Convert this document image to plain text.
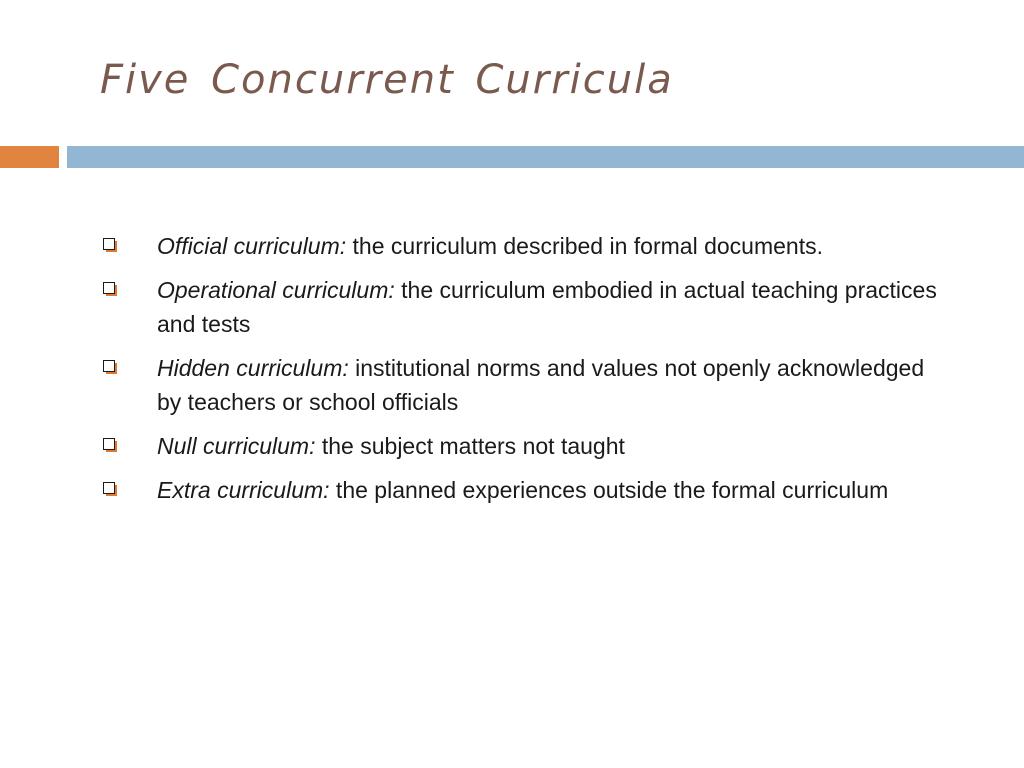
Five Concurrent Curricula
Official curriculum: the curriculum described in formal documents.
Operational curriculum: the curriculum embodied in actual teaching practices and tests
Hidden curriculum: institutional norms and values not openly acknowledged by teachers or school officials
Null curriculum: the subject matters not taught
Extra curriculum: the planned experiences outside the formal curriculum
